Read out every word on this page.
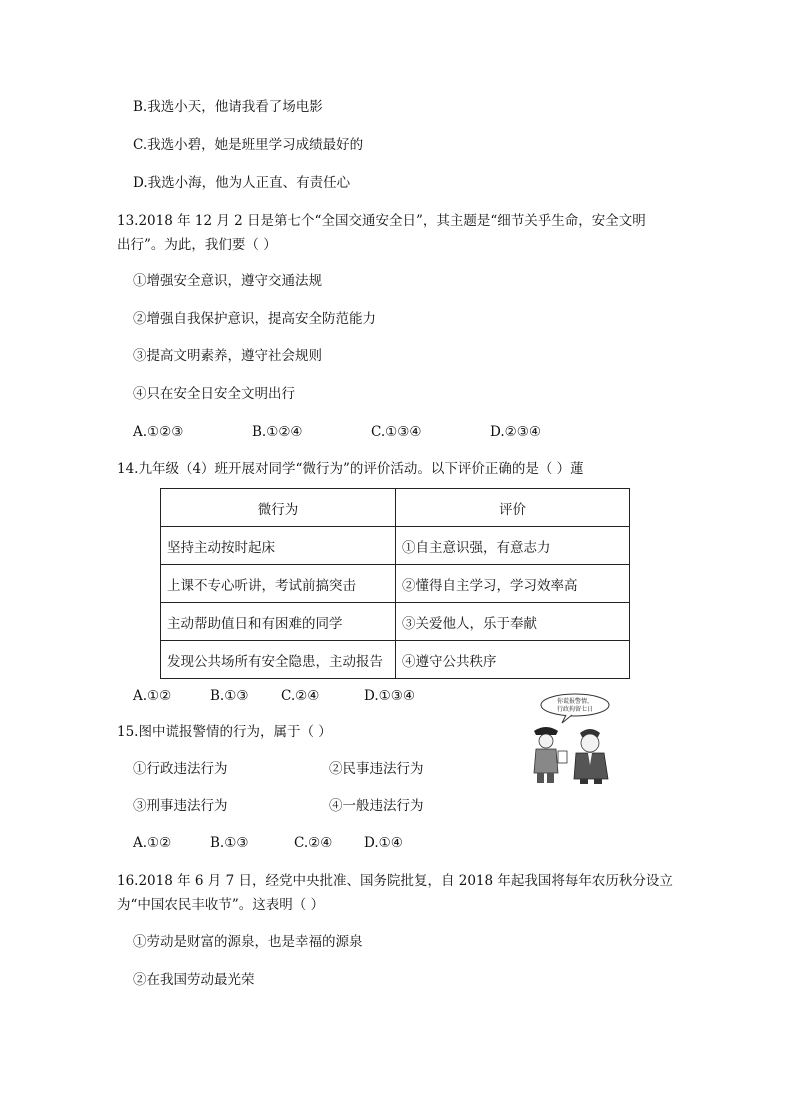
B.我选小天，他请我看了场电影
C.我选小碧，她是班里学习成绩最好的
D.我选小海，他为人正直、有责任心
13.2018 年 12 月 2 日是第七个“全国交通安全日”，其主题是“细节关乎生命，安全文明
出行”。为此，我们要（ ）
①增强安全意识，遵守交通法规
②增强自我保护意识，提高安全防范能力
③提高文明素养，遵守社会规则
④只在安全日安全文明出行
A.①②③	B.①②④	C.①③④	D.②③④
14.九年级（4）班开展对同学“微行为”的评价活动。以下评价正确的是（ ）蓮
微行为	评价
坚持主动按时起床	①自主意识强，有意志力
上课不专心听讲，考试前搞突击	②懂得自主学习，学习效率高
主动帮助值日和有困难的同学	③关爱他人，乐于奉献
发现公共场所有安全隐患，主动报告	④遵守公共秩序
A.①②	B.①③ C.②④	D.①③④
15.图中谎报警情的行为，属于（ ）
①行政违法行为	②民事违法行为
③刑事违法行为	④一般违法行为
A.①②	B.①③	C.②④ D.①④
你谎报警情，
行政拘留七日
16.2018 年 6 月 7 日，经党中央批准、国务院批复，自 2018 年起我国将每年农历秋分设立
为“中国农民丰收节”。这表明（ ）
①劳动是财富的源泉，也是幸福的源泉
②在我国劳动最光荣
